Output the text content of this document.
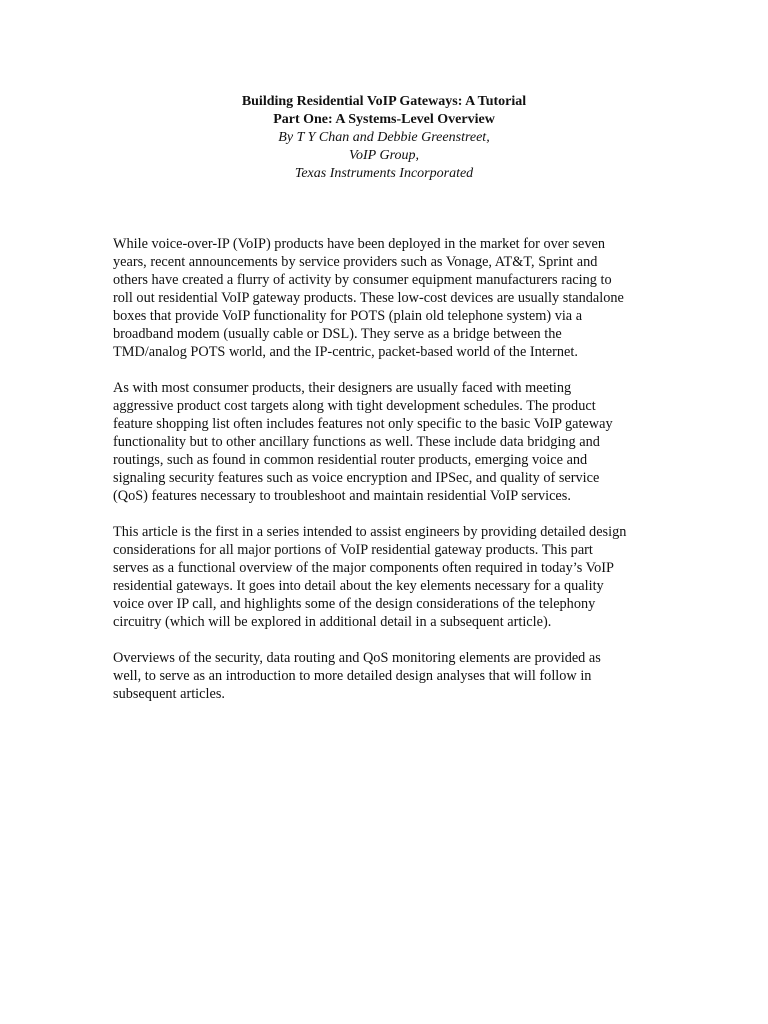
Building Residential VoIP Gateways: A Tutorial
Part One: A Systems-Level Overview
By T Y Chan and Debbie Greenstreet,
VoIP Group,
Texas Instruments Incorporated

While voice-over-IP (VoIP) products have been deployed in the market for over seven
years, recent announcements by service providers such as Vonage, AT&T, Sprint and
others have created a flurry of activity by consumer equipment manufacturers racing to
roll out residential VoIP gateway products. These low-cost devices are usually standalone
boxes that provide VoIP functionality for POTS (plain old telephone system) via a
broadband modem (usually cable or DSL). They serve as a bridge between the
TMD/analog POTS world, and the IP-centric, packet-based world of the Internet.

As with most consumer products, their designers are usually faced with meeting
aggressive product cost targets along with tight development schedules. The product
feature shopping list often includes features not only specific to the basic VoIP gateway
functionality but to other ancillary functions as well. These include data bridging and
routings, such as found in common residential router products, emerging voice and
signaling security features such as voice encryption and IPSec, and quality of service
(QoS) features necessary to troubleshoot and maintain residential VoIP services.

This article is the first in a series intended to assist engineers by providing detailed design
considerations for all major portions of VoIP residential gateway products. This part
serves as a functional overview of the major components often required in today’s VoIP
residential gateways. It goes into detail about the key elements necessary for a quality
voice over IP call, and highlights some of the design considerations of the telephony
circuitry (which will be explored in additional detail in a subsequent article).

Overviews of the security, data routing and QoS monitoring elements are provided as
well, to serve as an introduction to more detailed design analyses that will follow in
subsequent articles.
